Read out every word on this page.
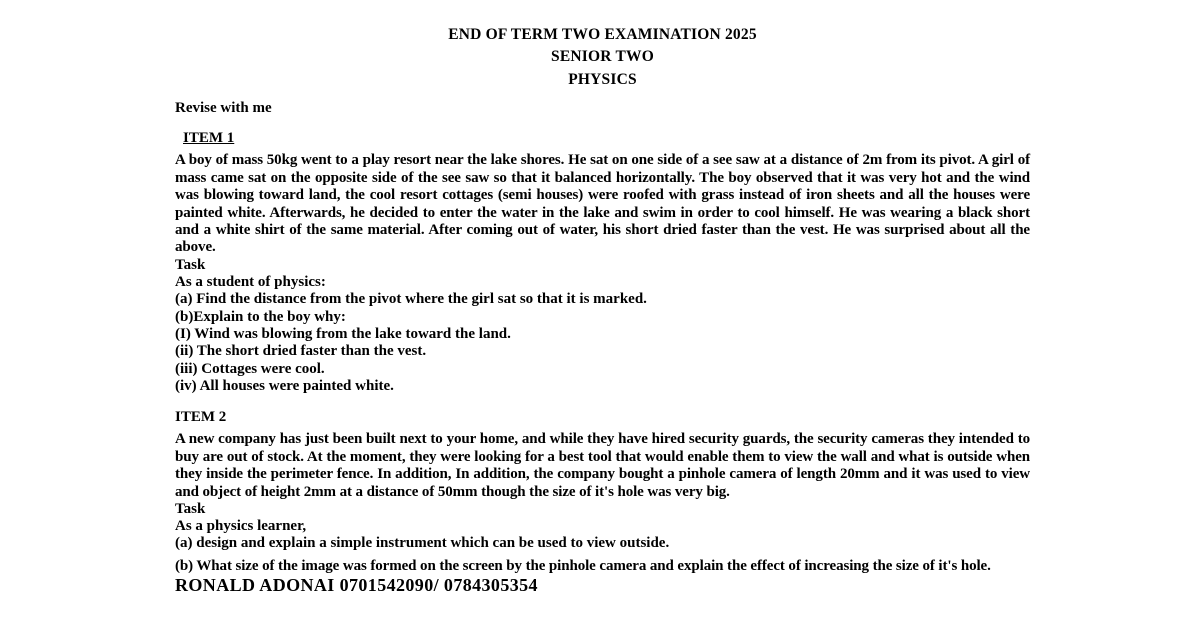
END OF TERM TWO EXAMINATION 2025
SENIOR TWO
PHYSICS
Revise with me
ITEM 1
A boy of mass 50kg went to a play resort near the lake shores. He sat on one side of a see saw at a distance of 2m from its pivot. A girl of mass came sat on the opposite side of the see saw so that it balanced horizontally. The boy observed that it was very hot and the wind was blowing toward land, the cool resort cottages (semi houses) were roofed with grass instead of iron sheets and all the houses were painted white. Afterwards, he decided to enter the water in the lake and swim in order to cool himself. He was wearing a black short and a white shirt of the same material. After coming out of water, his short dried faster than the vest. He was surprised about all the above.
Task
As a student of physics:
(a) Find the distance from the pivot where the girl sat so that it is marked.
(b)Explain to the boy why:
(I) Wind was blowing from the lake toward the land.
(ii) The short dried faster than the vest.
(iii) Cottages were cool.
(iv) All houses were painted white.
ITEM 2
A new company has just been built next to your home, and while they have hired security guards, the security cameras they intended to buy are out of stock. At the moment, they were looking for a best tool that would enable them to view the wall and what is outside when they inside the perimeter fence. In addition, In addition, the company bought a pinhole camera of length 20mm and it was used to view and object of height 2mm at a distance of 50mm though the size of it's hole was very big.
Task
As a physics learner,
(a) design and explain a simple instrument which can be used to view outside.
(b) What size of the image was formed on the screen by the pinhole camera and explain the effect of increasing the size of it's hole.
RONALD ADONAI 0701542090/ 0784305354
